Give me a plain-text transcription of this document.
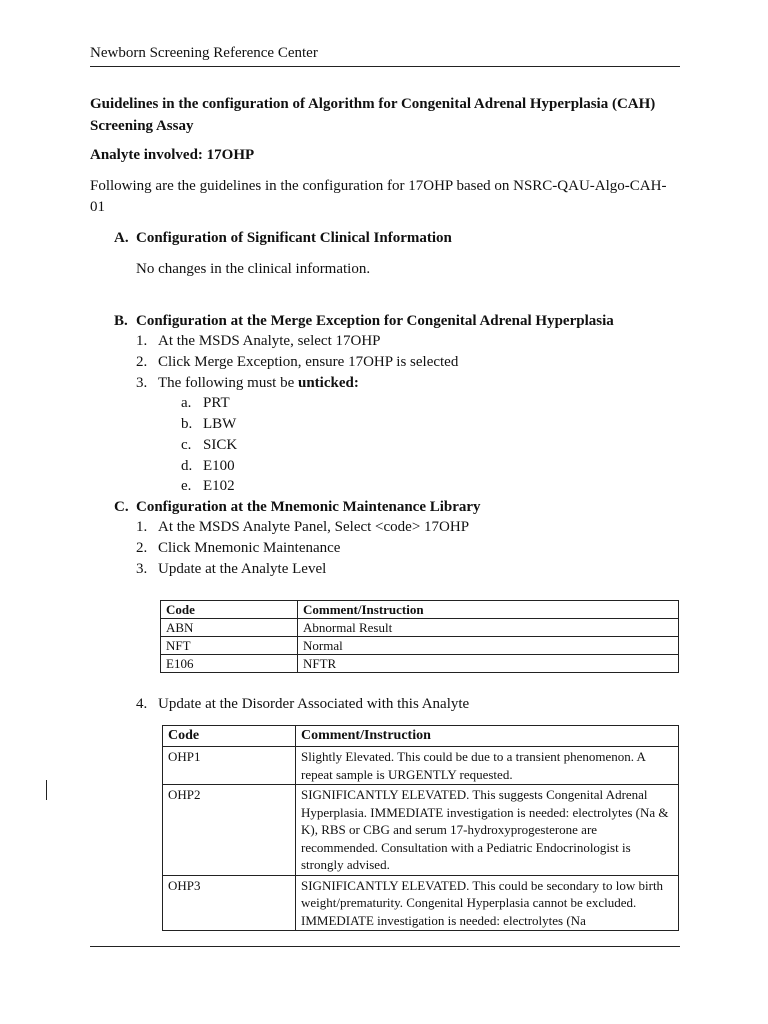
Newborn Screening Reference Center
Guidelines in the configuration of Algorithm for Congenital Adrenal Hyperplasia (CAH) Screening Assay
Analyte involved: 17OHP
Following are the guidelines in the configuration for 17OHP based on NSRC-QAU-Algo-CAH-01
A. Configuration of Significant Clinical Information
No changes in the clinical information.
B. Configuration at the Merge Exception for Congenital Adrenal Hyperplasia
1. At the MSDS Analyte, select 17OHP
2. Click Merge Exception, ensure 17OHP is selected
3. The following must be unticked:
a. PRT
b. LBW
c. SICK
d. E100
e. E102
C. Configuration at the Mnemonic Maintenance Library
1. At the MSDS Analyte Panel, Select <code> 17OHP
2. Click Mnemonic Maintenance
3. Update at the Analyte Level
Code	Comment/Instruction
ABN	Abnormal Result
NFT	Normal
E106	NFTR
4. Update at the Disorder Associated with this Analyte
Code	Comment/Instruction
OHP1	Slightly Elevated. This could be due to a transient phenomenon. A repeat sample is URGENTLY requested.
OHP2	SIGNIFICANTLY ELEVATED. This suggests Congenital Adrenal Hyperplasia. IMMEDIATE investigation is needed: electrolytes (Na & K), RBS or CBG and serum 17-hydroxyprogesterone are recommended. Consultation with a Pediatric Endocrinologist is strongly advised.
OHP3	SIGNIFICANTLY ELEVATED. This could be secondary to low birth weight/prematurity. Congenital Hyperplasia cannot be excluded. IMMEDIATE investigation is needed: electrolytes (Na
